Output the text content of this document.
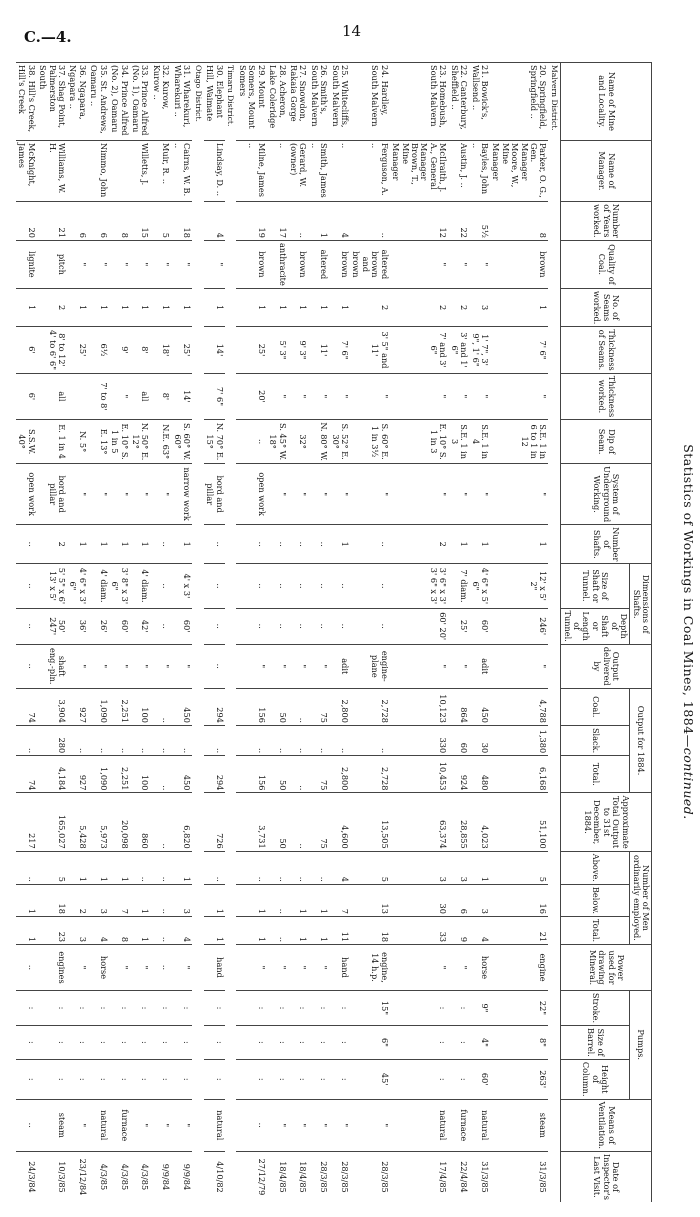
C.—4.	14
Statistics of Workings in Coal Mines, 1884—continued.
Name of Mine and Locality.	Name of Manager.	Number of Years worked.	Quality of Coal.	No. of Seams worked.	Thickness of Seams.	Thickness worked.	Dip of Seam.	System of Underground Working.	Number of Shafts.	Dimensions of Shafts.		Output delivered by	Output for 1884.			Approximate Total Output to 31st December, 1884.	Number of Men ordinarily employed.			Power used for drawing Mineral.	Pumps.			Means of Ventilation.	Date of Inspector's Last Visit.
										Size of Shaft or Tunnel.	Depth of Shaft or Length of Tunnel.		Coal.	Slack.	Total.		Above.	Below.	Total.		Stroke.	Size of Barrel.	Height of Column.		
Malvern District.																									
20. Springfield, Springfield ..	Parker, O. G., Gen. Manager Moore, W., Mine Manager	8	brown	1	7' 6"	"	S.E. 1 in 6 to 1 in 12	"	1	12' x 5' 2"	246'	"	4,788	1,380	6,168	51,100	5	16	21	engine	22"	8"	263'	steam	31/3/85
21. Bowick's, Wallsend ..	Bayles, John ..	5½	"	3	1' 7", 3' 9", 1' 6"	"	S.E. 1 in 4	"	1	4' 6" x 5' 6"	60'	adit	450	30	480	4,023	1	3	4	horse	9"	4"	60'	natural	31/3/85
22. Canterbury, Sheffield ..	Austin, J. ..	22	"	2	3' and 1' 6"	"	S.E. 1 in 3	"	1	7' diam.	25'	"	864	60	924	28,855	3	6	9	"	:	:	:	furnace	22/4/84
23. Homebush, South Malvern	McIlraith, J. A., General Manager Brown, T., Mine Manager	12	"	2	7' and 3' 6"	"	E. 10° S. 1 in 3	"	2	3' 6" x 3' 3' 6" x 3'	60' 20'	"	10,123	330	10,453	63,374	3	30	33	"	:	:	:	natural	17/4/85
24. Hardley, South Malvern	Ferguson, A. ..	..	altered brown and brown	2	3' 5" and 11'	"	S. 60° E. 1 in 3½	"	..	..	..	engine-plane	2,728	..	2,728	13,505	5	13	18	engine, 14 h.p.	15"	6"	45'	"	28/3/85
25. Whitecliffs, South Malvern	..	4	brown	1	7' 6"	"	S. 52° E. 30°	"	1	..	..	adit	2,800	..	2,800	4,600	4	7	11	hand	:	:	:	"	28/3/85
26. Smith's, South Malvern	Smith, James ..	1	altered	1	11'	"	N. 80° W.	"	..	..	..	"	75	..	75	75	..	1	1	"	:	:	:	"	28/3/85
27. Snowdon, Rakaia Gorge	Gerard, W. (owner)	..	brown	1	9' 3"	"	32°	"	..	..	..	"	..	..	..	..	..	1	1	"	:	:	:	"	18/4/85
28. Acheron, Lake Coleridge	..	17	anthracite	1	5' 3"	"	S. 45° W. 18°	"	..	..	..	"	50	..	50	50	..	..	..	"	:	:	:	"	18/4/85
29. Mount Somers, Mount Somers	Milne, James ..	19	brown	1	25'	20'	..	open work	..	..	..	"	156	..	156	3,731	..	1	1	"	:	:	:	..	27/12/79
Timaru District.																									
30. Elephant Hill, Waimate	Lindsay, D. ..	4	"	1	14'	7' 6"	N. 70° E. 15°	bord and pillar	..	..	..	..	294	..	294	726	..	1	1	hand	:	:	:	natural	4/10/82
Otago District.																									
31. Wharekuri, Wharekuri ..	Cairns, W. B. ..	18	"	1	25'	14'	S. 60° W. 60°	narrow work	1	4' x 3'	60'	"	450	..	450	6,820	1	3	4	"	:	:	:	"	9/9/84
32. Kurow, Kurow ..	Muir, R. ..	5	"	1	18'	8'	N.E. 63°	"	..	..	..	"	..	..	..	..	..	..	..	..	:	:	:	"	9/9/84
33. Prince Alfred (No. 1), Oamaru	Willetts, J.	15	"	1	8'	all	N. 50° E. 12°	"	1	4' diam.	42'	"	100	..	100	860	..	1	1	"	:	:	:	"	4/3/85
34. Prince Alfred (No. 2), Oamaru		8	"	1	9'	"	E. 10° S. 1 in 5	"	1	3' 8" x 3' 6"	60'	"	2,251	..	2,251	20,098	1	7	8	"	:	:	:	furnace	4/3/85
35. St. Andrews, Oamaru ..	Nimmo, John	6	"	1	6½	7' to 8'	E. 13°	"	1	4' diam.	26'	"	1,090	..	1,090	5,973	1	3	4	horse	:	:	:	natural	4/3/85
36. Ngapara, Ngapara ..		6	"	1	25'		N. 5°	"	1	4' 6" x 3' 6"	36'	"	927	..	927	5,428	1	2	3	"	:	:	:	"	23/12/84
37. Shag Point, Palmerston South	Williams, W. H.	21	pitch	2	8' to 12' 4' to 6' 6"	all	E. 1 in 4	bord and pillar	2	5' 5" x 6' 13' x 5'	50' 247'	shaft eng.-pln.	3,904	280	4,184	165,027	5	18	23	engines	:	:	:	steam	10/3/85
38. Hill's Creek, Hill's Creek	McKnight, James	20	lignite	1	6'	6'	S.S.W. 40°	open work	..	..	..	..	74	..	74	217	..	1	1	..	:	:	:	..	24/3/84
